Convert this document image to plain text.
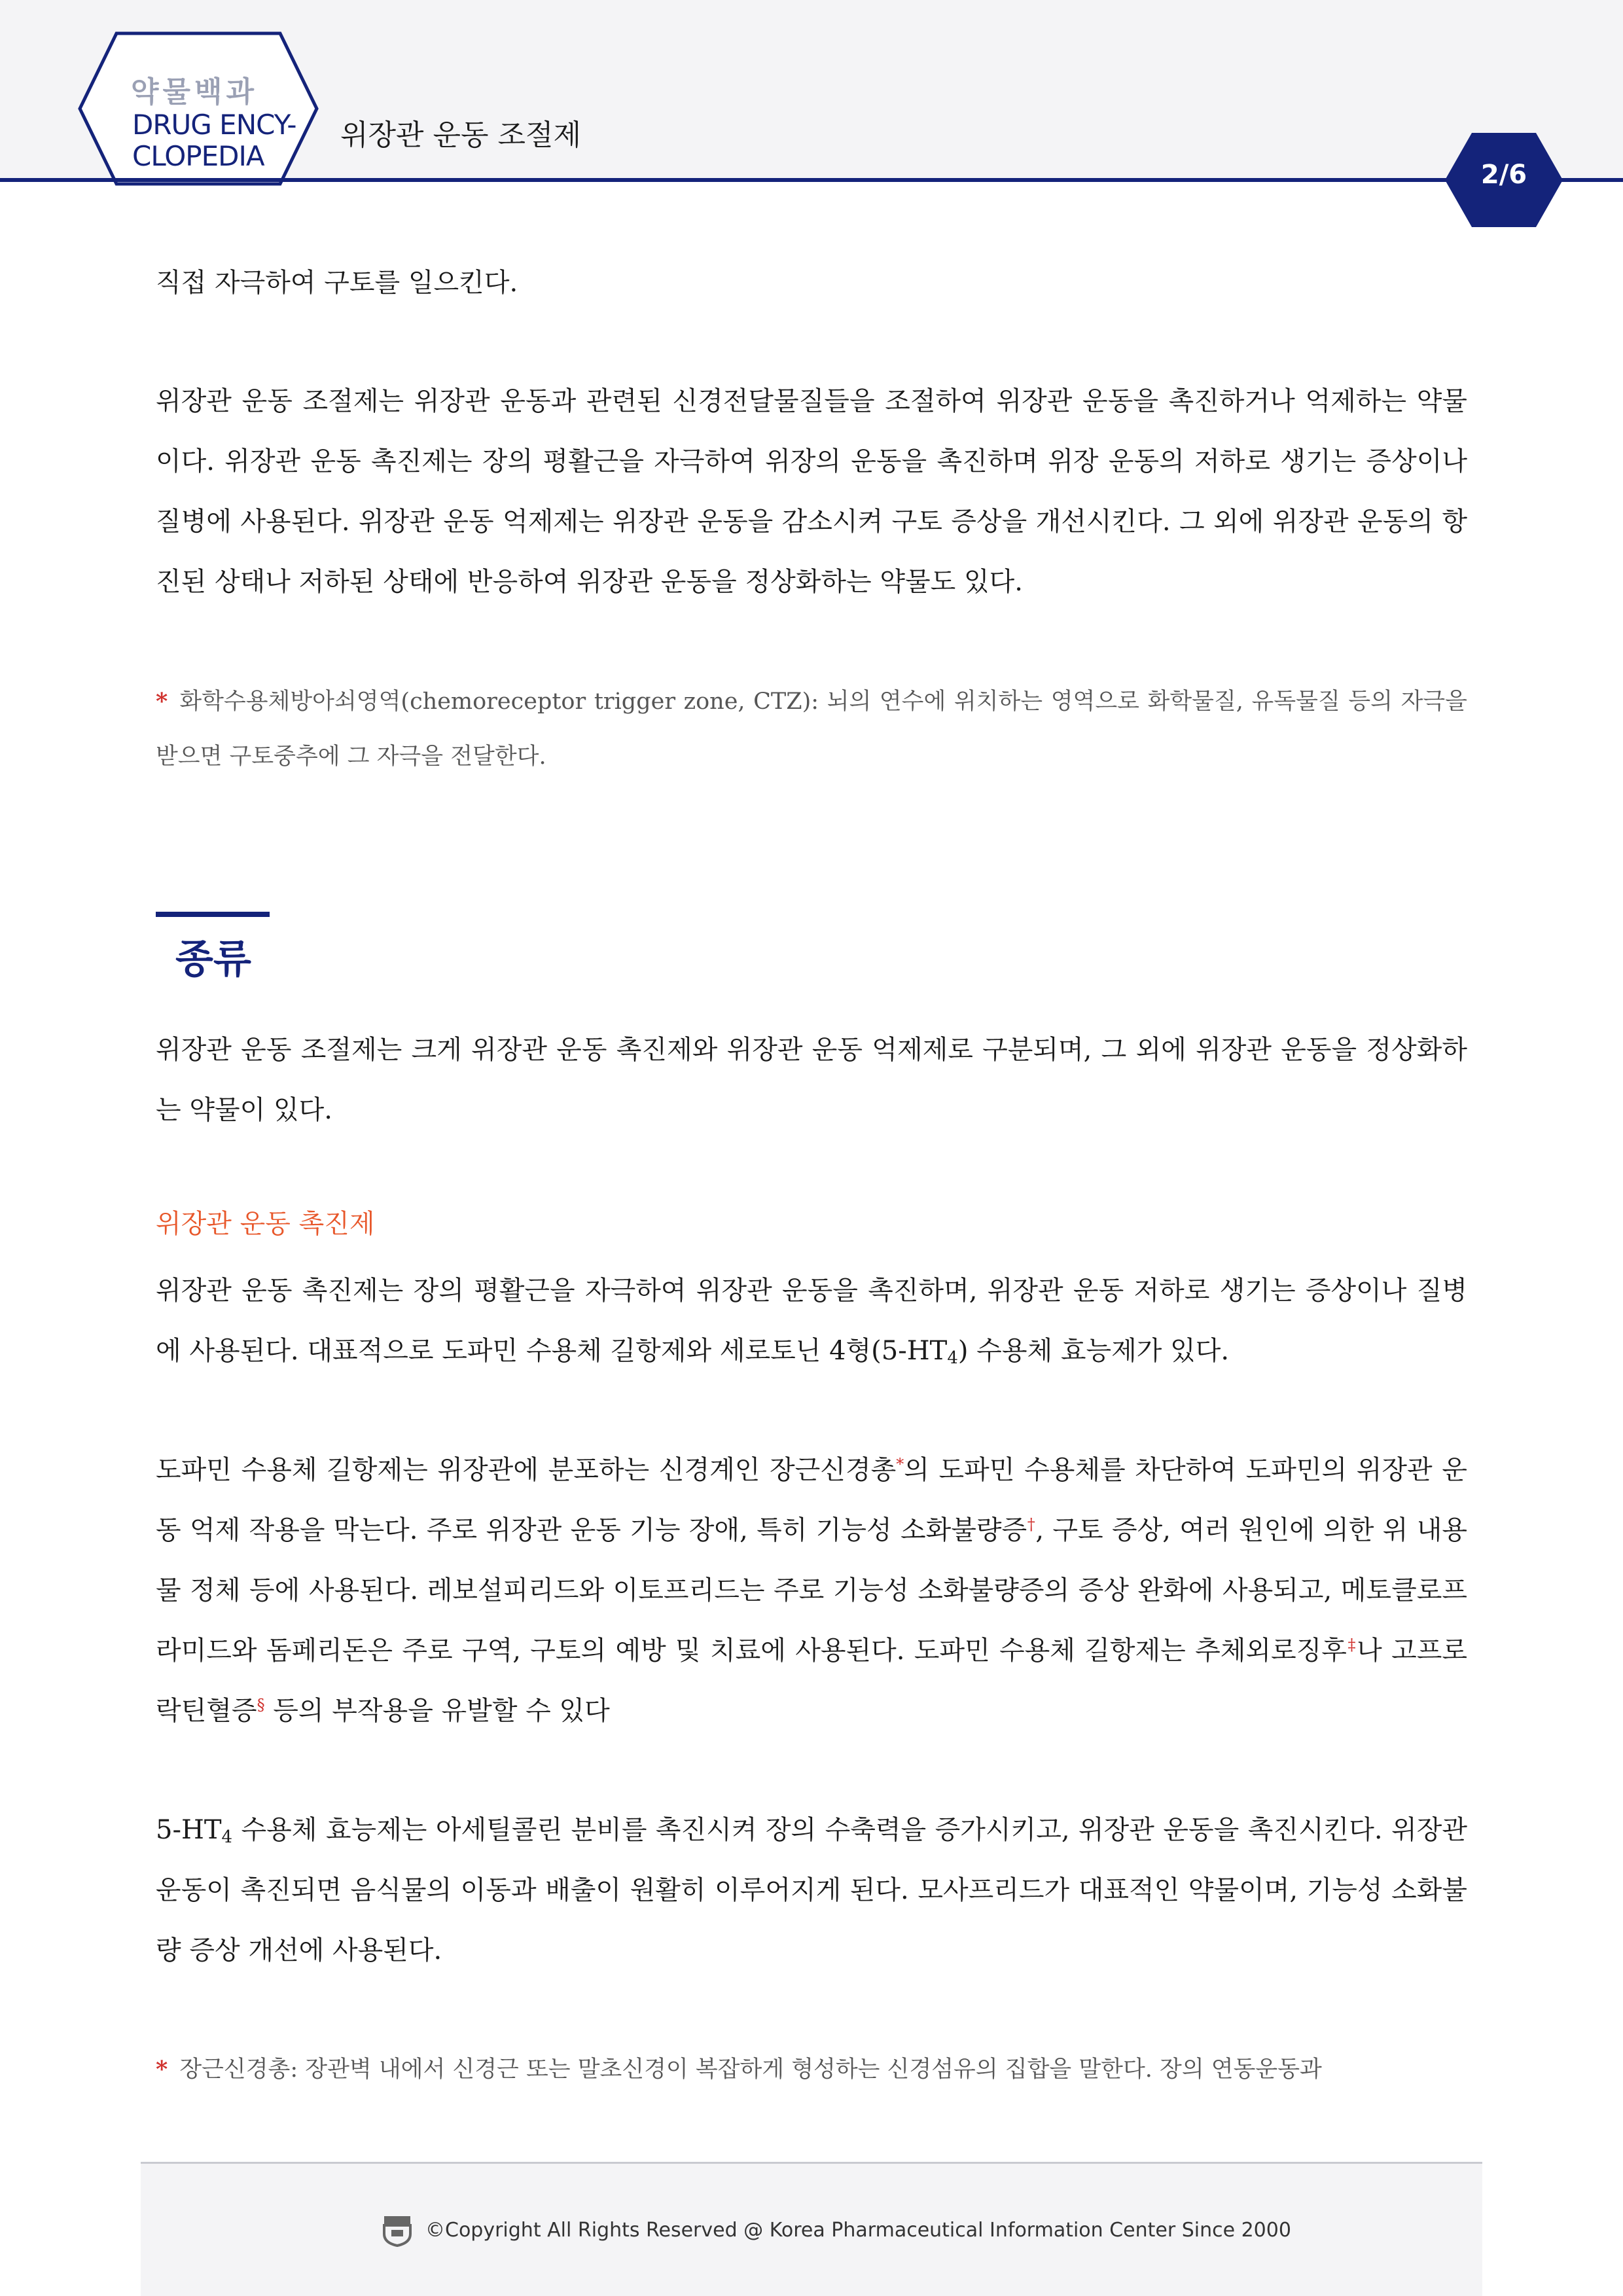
약물백과
DRUG ENCY-
CLOPEDIA
위장관 운동 조절제
2/6

직접 자극하여 구토를 일으킨다.

위장관 운동 조절제는 위장관 운동과 관련된 신경전달물질들을 조절하여 위장관 운동을 촉진하거나 억제하는 약물이다. 위장관 운동 촉진제는 장의 평활근을 자극하여 위장의 운동을 촉진하며 위장 운동의 저하로 생기는 증상이나 질병에 사용된다. 위장관 운동 억제제는 위장관 운동을 감소시켜 구토 증상을 개선시킨다. 그 외에 위장관 운동의 항진된 상태나 저하된 상태에 반응하여 위장관 운동을 정상화하는 약물도 있다.

* 화학수용체방아쇠영역(chemoreceptor trigger zone, CTZ): 뇌의 연수에 위치하는 영역으로 화학물질, 유독물질 등의 자극을 받으면 구토중추에 그 자극을 전달한다.

종류

위장관 운동 조절제는 크게 위장관 운동 촉진제와 위장관 운동 억제제로 구분되며, 그 외에 위장관 운동을 정상화하는 약물이 있다.

위장관 운동 촉진제

위장관 운동 촉진제는 장의 평활근을 자극하여 위장관 운동을 촉진하며, 위장관 운동 저하로 생기는 증상이나 질병에 사용된다. 대표적으로 도파민 수용체 길항제와 세로토닌 4형$(5-HT_4)$ 수용체 효능제가 있다.

도파민 수용체 길항제는 위장관에 분포하는 신경계인 장근신경총*의 도파민 수용체를 차단하여 도파민의 위장관 운동 억제 작용을 막는다. 주로 위장관 운동 기능 장애, 특히 기능성 소화불량증†, 구토 증상, 여러 원인에 의한 위 내용물 정체 등에 사용된다. 레보설피리드와 이토프리드는 주로 기능성 소화불량증의 증상 완화에 사용되고, 메토클로프라미드와 돔페리돈은 주로 구역, 구토의 예방 및 치료에 사용된다. 도파민 수용체 길항제는 추체외로징후‡나 고프로락틴혈증§ 등의 부작용을 유발할 수 있다

$5-HT_4$ 수용체 효능제는 아세틸콜린 분비를 촉진시켜 장의 수축력을 증가시키고, 위장관 운동을 촉진시킨다. 위장관 운동이 촉진되면 음식물의 이동과 배출이 원활히 이루어지게 된다. 모사프리드가 대표적인 약물이며, 기능성 소화불량 증상 개선에 사용된다.

* 장근신경총: 장관벽 내에서 신경근 또는 말초신경이 복잡하게 형성하는 신경섬유의 집합을 말한다. 장의 연동운동과

©Copyright All Rights Reserved @ Korea Pharmaceutical Information Center Since 2000
